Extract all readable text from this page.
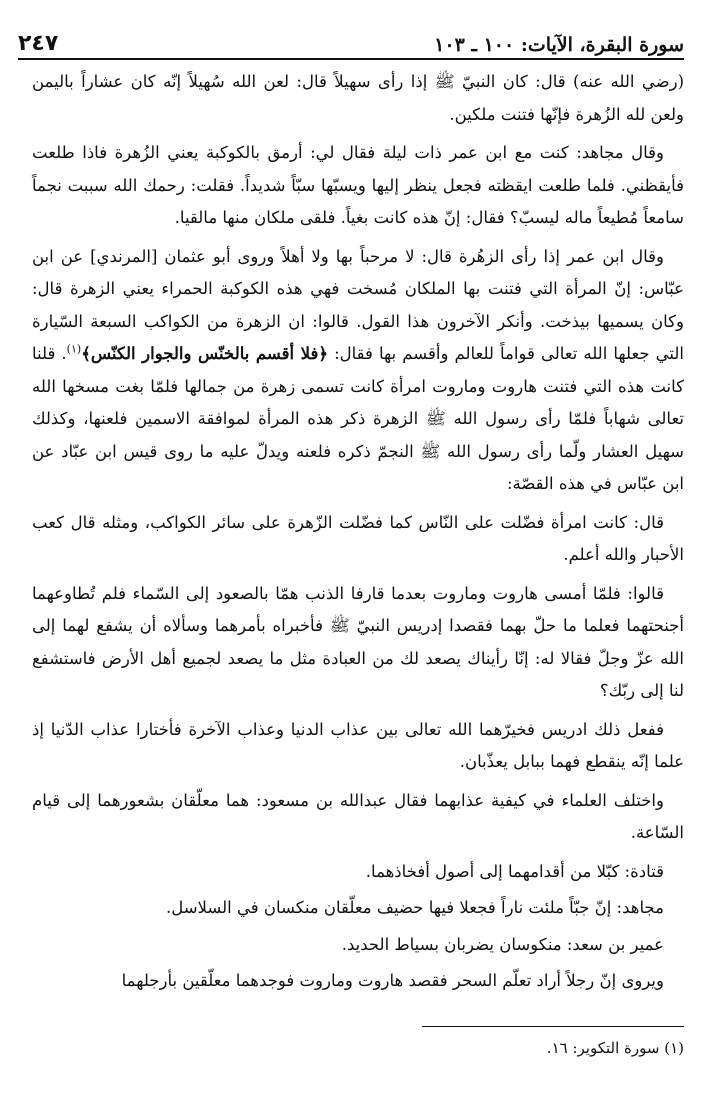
سورة البقرة، الآيات: ١٠٠ ـ ١٠٣
٢٤٧

(رضي الله عنه) قال: كان النبيّ ﷺ إذا رأى سهيلاً قال: لعن الله سُهيلاً إنّه كان عشاراً باليمن ولعن لله الزُهرة فإنّها فتنت ملكين.

وقال مجاهد: كنت مع ابن عمر ذات ليلة فقال لي: أرمق بالكوكبة يعني الزُهرة فاذا طلعت فأيقظني. فلما طلعت ايقظته فجعل ينظر إليها ويسبّها سبّاً شديداً. فقلت: رحمك الله سببت نجماً سامعاً مُطيعاً ماله ليسبّ؟ فقال: إنّ هذه كانت بغياً. فلقى ملكان منها مالقيا.

وقال ابن عمر إذا رأى الزهُرة قال: لا مرحباً بها ولا أهلاً وروى أبو عثمان [المرندي] عن ابن عبّاس: إنّ المرأة التي فتنت بها الملكان مُسخت فهي هذه الكوكبة الحمراء يعني الزهرة قال: وكان يسميها بيذخت. وأنكر الآخرون هذا القول. قالوا: ان الزهرة من الكواكب السبعة السّيارة التي جعلها الله تعالى قواماً للعالم وأقسم بها فقال: ﴿فلا أقسم بالخنّس والجوار الكنّس﴾$^{(١)}$. قلنا كانت هذه التي فتنت هاروت وماروت امرأة كانت تسمى زهرة من جمالها فلمّا بغت مسخها الله تعالى شهاباً فلمّا رأى رسول الله ﷺ الزهرة ذكر هذه المرأة لموافقة الاسمين فلعنها، وكذلك سهيل العشار ولّما رأى رسول الله ﷺ النجمّ ذكره فلعنه ويدلّ عليه ما روى قيس ابن عبّاد عن ابن عبّاس في هذه القصّة:

قال: كانت امرأة فضّلت على النّاس كما فضّلت الزّهرة على سائر الكواكب، ومثله قال كعب الأحبار والله أعلم.

قالوا: فلمّا أمسى هاروت وماروت بعدما قارفا الذنب همّا بالصعود إلى السّماء فلم تُطاوعهما أجنحتهما فعلما ما حلّ بهما فقصدا إدريس النبيّ ﷺ فأخبراه بأمرهما وسألاه أن يشفع لهما إلى الله عزّ وجلّ فقالا له: إنّا رأيناك يصعد لك من العبادة مثل ما يصعد لجميع أهل الأرض فاستشفع لنا إلى ربّك؟

ففعل ذلك ادريس فخيرّهما الله تعالى بين عذاب الدنيا وعذاب الآخرة فأختارا عذاب الدّنيا إذ علما إنّه ينقطع فهما ببابل يعذّبان.

واختلف العلماء في كيفية عذابهما فقال عبدالله بن مسعود: هما معلّقان بشعورهما إلى قيام السّاعة.

قتادة: كبّلا من أقدامهما إلى أصول أفخاذهما.

مجاهد: إنّ جبّاً ملئت ناراً فجعلا فيها حضيف معلّقان منكسان في السلاسل.

عمير بن سعد: منكوسان يضربان بسياط الحديد.

ويروى إنّ رجلاً أراد تعلّم السحر فقصد هاروت وماروت فوجدهما معلّقين بأرجلهما

(١) سورة التكوير: ١٦.
